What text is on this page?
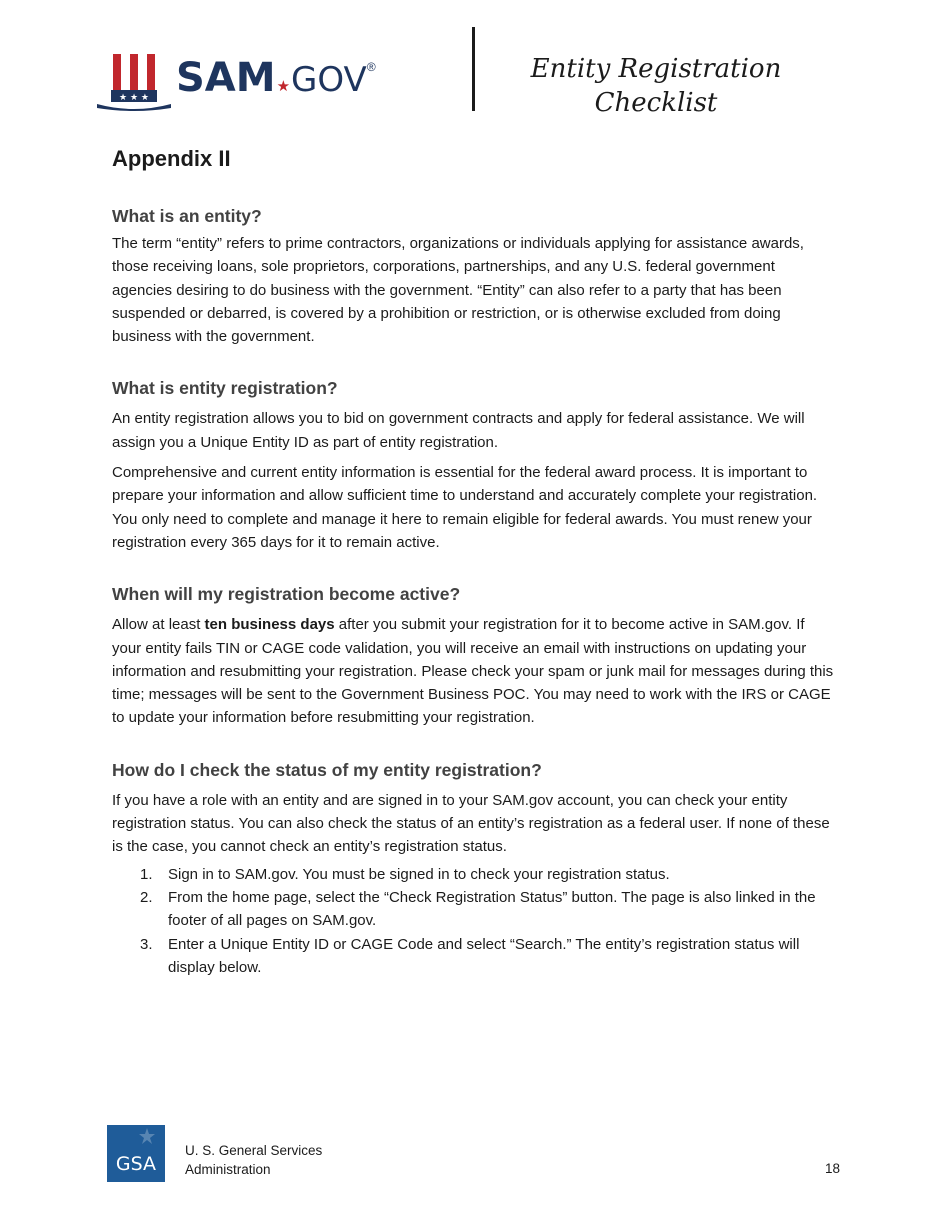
★ ★ ★ SAM★GOV®	Entity Registration
Checklist
Appendix II
What is an entity?

The term “entity” refers to prime contractors, organizations or individuals applying for assistance awards, those receiving loans, sole proprietors, corporations, partnerships, and any U.S. federal government agencies desiring to do business with the government. “Entity” can also refer to a party that has been suspended or debarred, is covered by a prohibition or restriction, or is otherwise excluded from doing business with the government.

What is entity registration?

An entity registration allows you to bid on government contracts and apply for federal assistance. We will assign you a Unique Entity ID as part of entity registration.

Comprehensive and current entity information is essential for the federal award process. It is important to prepare your information and allow sufficient time to understand and accurately complete your registration. You only need to complete and manage it here to remain eligible for federal awards. You must renew your registration every 365 days for it to remain active.

When will my registration become active?

Allow at least ten business days after you submit your registration for it to become active in SAM.gov. If your entity fails TIN or CAGE code validation, you will receive an email with instructions on updating your information and resubmitting your registration. Please check your spam or junk mail for messages during this time; messages will be sent to the Government Business POC. You may need to work with the IRS or CAGE to update your information before resubmitting your registration.

How do I check the status of my entity registration?

If you have a role with an entity and are signed in to your SAM.gov account, you can check your entity registration status. You can also check the status of an entity’s registration as a federal user. If none of these is the case, you cannot check an entity’s registration status.

1. Sign in to SAM.gov. You must be signed in to check your registration status.
2. From the home page, select the “Check Registration Status” button. The page is also linked in the footer of all pages on SAM.gov.
3. Enter a Unique Entity ID or CAGE Code and select “Search.” The entity’s registration status will display below.
GSA
U. S. General Services
Administration	18
